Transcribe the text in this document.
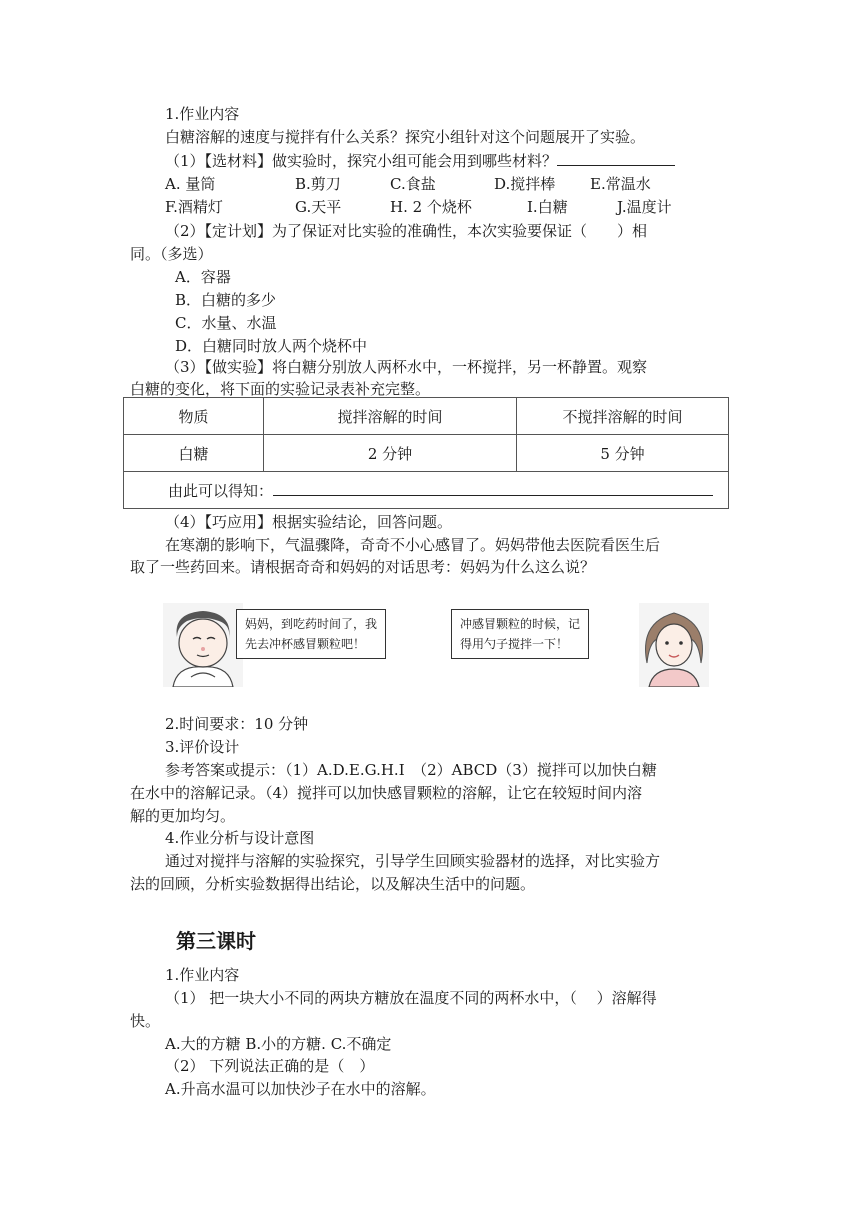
1.作业内容
白糖溶解的速度与搅拌有什么关系？探究小组针对这个问题展开了实验。
（1）【选材料】做实验时，探究小组可能会用到哪些材料？
A. 量筒	B.剪刀	C.食盐	D.搅拌棒 E.常温水
F.酒精灯	G.天平	H. 2 个烧杯	I.白糖	J.温度计
（2）【定计划】为了保证对比实验的准确性，本次实验要保证（　　）相
同。（多选）
A．容器
B．白糖的多少
C．水量、水温
D．白糖同时放人两个烧杯中
（3）【做实验】将白糖分别放人两杯水中，一杯搅拌，另一杯静置。观察
白糖的变化，将下面的实验记录表补充完整。
物质	搅拌溶解的时间	不搅拌溶解的时间
白糖	2 分钟	5 分钟
由此可以得知：		
（4）【巧应用】根据实验结论，回答问题。
在寒潮的影响下，气温骤降，奇奇不小心感冒了。妈妈带他去医院看医生后
取了一些药回来。请根据奇奇和妈妈的对话思考：妈妈为什么这么说？
妈妈，到吃药时间了，我
先去冲杯感冒颗粒吧！
冲感冒颗粒的时候，记
得用勺子搅拌一下！
2.时间要求：10 分钟
3.评价设计
参考答案或提示：（1）A.D.E.G.H.I　（2）ABCD（3）搅拌可以加快白糖
在水中的溶解记录。（4）搅拌可以加快感冒颗粒的溶解，让它在较短时间内溶
解的更加均匀。
4.作业分析与设计意图
通过对搅拌与溶解的实验探究，引导学生回顾实验器材的选择，对比实验方
法的回顾，分析实验数据得出结论，以及解决生活中的问题。
第三课时
1.作业内容
（1） 把一块大小不同的两块方糖放在温度不同的两杯水中，（　 ）溶解得
快。
A.大的方糖 B.小的方糖. C.不确定
（2） 下列说法正确的是（　）
A.升高水温可以加快沙子在水中的溶解。
